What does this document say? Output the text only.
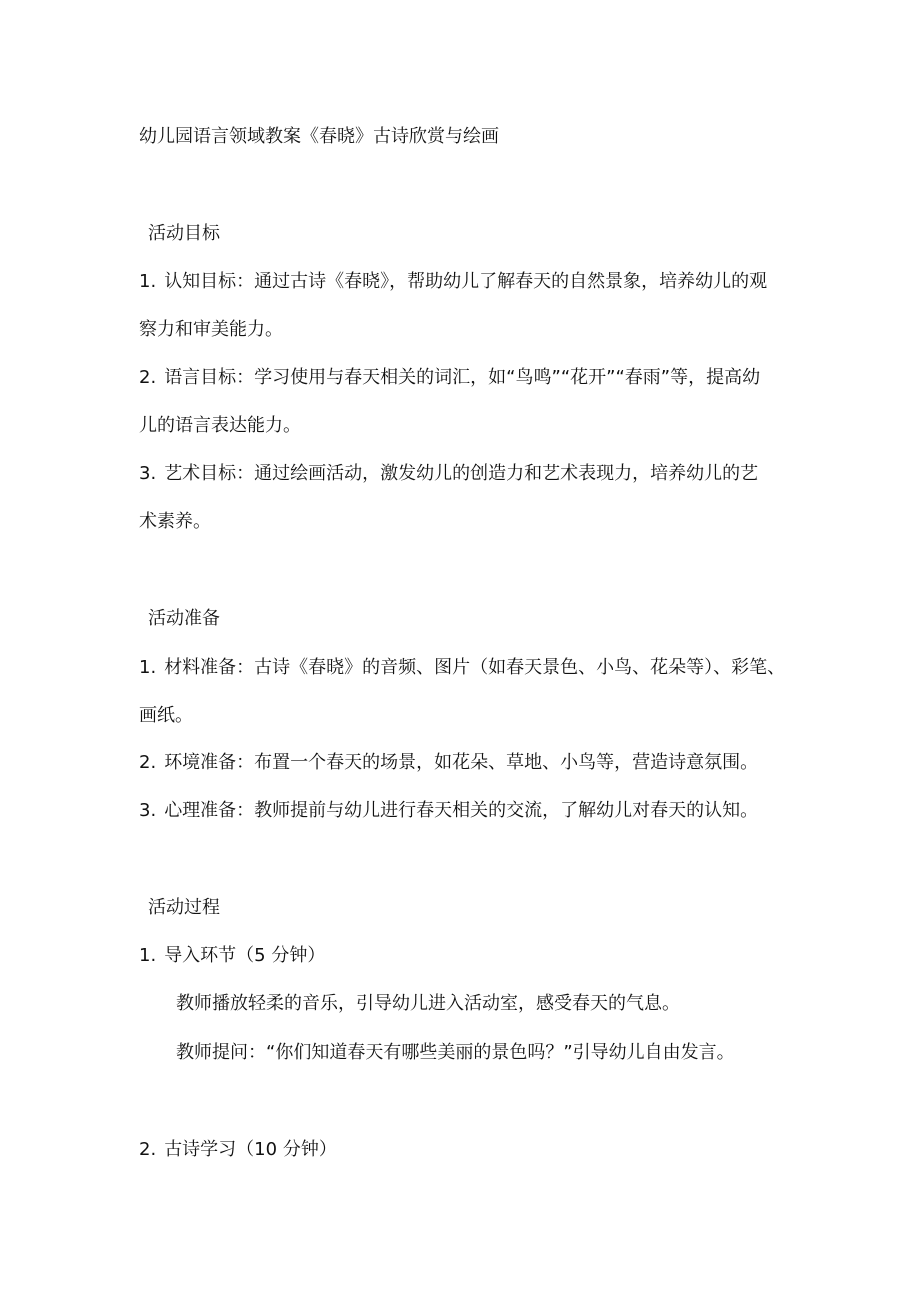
幼儿园语言领域教案《春晓》古诗欣赏与绘画
活动目标
1. 认知目标：通过古诗《春晓》，帮助幼儿了解春天的自然景象，培养幼儿的观
察力和审美能力。
2. 语言目标：学习使用与春天相关的词汇，如“鸟鸣”“花开”“春雨”等，提高幼
儿的语言表达能力。
3. 艺术目标：通过绘画活动，激发幼儿的创造力和艺术表现力，培养幼儿的艺
术素养。
活动准备
1. 材料准备：古诗《春晓》的音频、图片（如春天景色、小鸟、花朵等）、彩笔、
画纸。
2. 环境准备：布置一个春天的场景，如花朵、草地、小鸟等，营造诗意氛围。
3. 心理准备：教师提前与幼儿进行春天相关的交流，了解幼儿对春天的认知。
活动过程
1. 导入环节（5 分钟）
教师播放轻柔的音乐，引导幼儿进入活动室，感受春天的气息。
教师提问：“你们知道春天有哪些美丽的景色吗？”引导幼儿自由发言。
2. 古诗学习（10 分钟）
